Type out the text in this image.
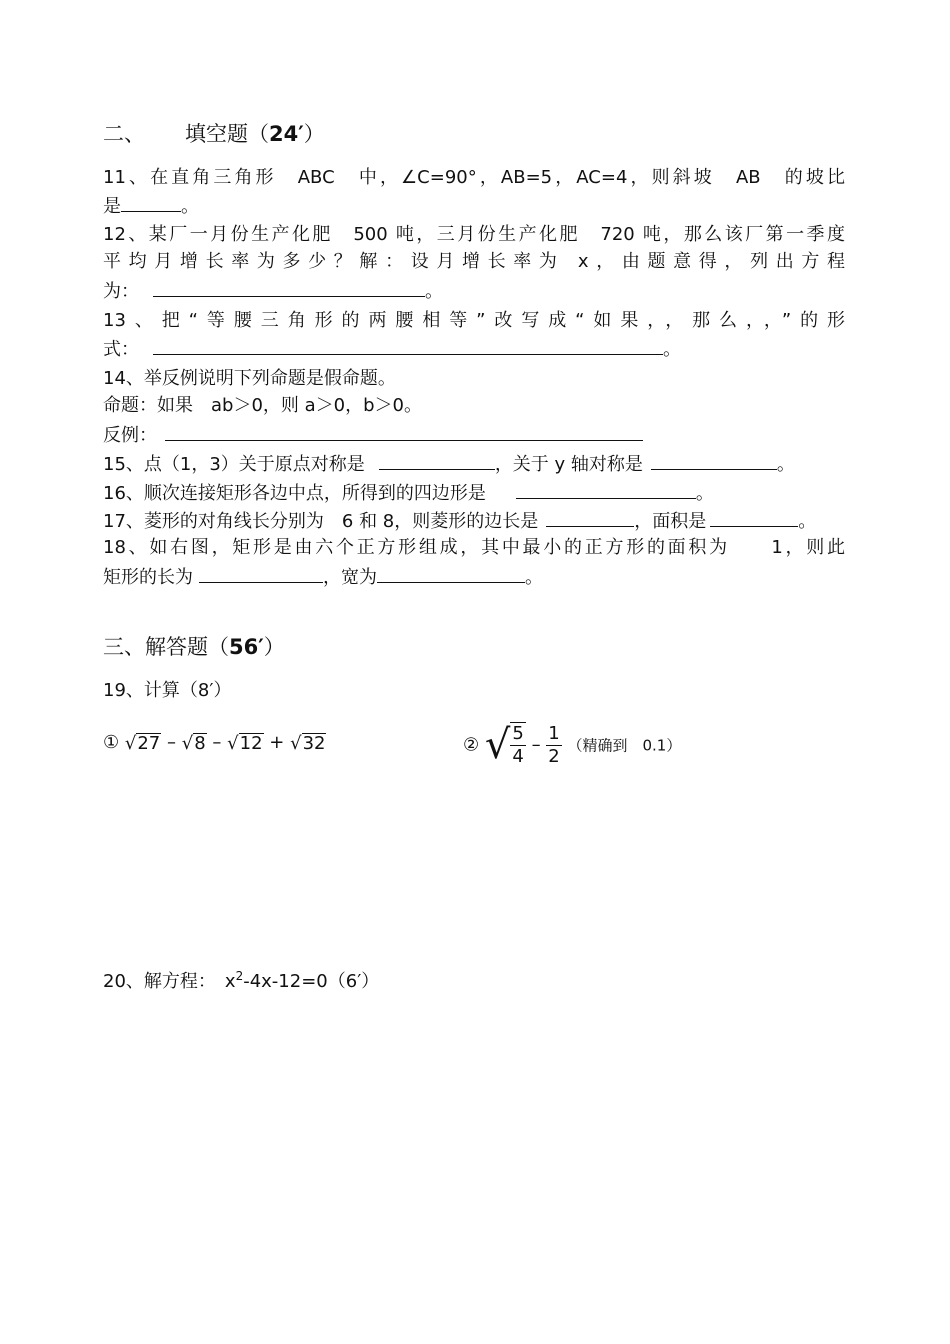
二、 填空题（24′）
11、在直角三角形　ABC　中，∠C=90°，AB=5，AC=4，则斜坡　AB　的坡比
是	。
12、某厂一月份生产化肥　500 吨，三月份生产化肥　720 吨，那么该厂第一季度
平均月增长率为多少？解：设月增长率为 x，由题意得，列出方程
为：	。
13、把“等腰三角形的两腰相等”改写成“如果，，那么，，”的形
式：	。
14、举反例说明下列命题是假命题。
命题：如果　ab＞0，则 a＞0，b＞0。
反例：
15、点（1，3）关于原点对称是	，关于 y 轴对称是	。
16、顺次连接矩形各边中点，所得到的四边形是	。
17、菱形的对角线长分别为　6 和 8，则菱形的边长是	，面积是	。
18、如右图，矩形是由六个正方形组成，其中最小的正方形的面积为　　1，则此
矩形的长为	，宽为	。
三、解答题（56′）
19、计算（8′）
① √27 – √8 – √12 + √32	② √ $\frac{5}{4} - \frac{1}{2}$ （精确到　0.1）
20、解方程：　$x^2-4x-12=0(6')$
